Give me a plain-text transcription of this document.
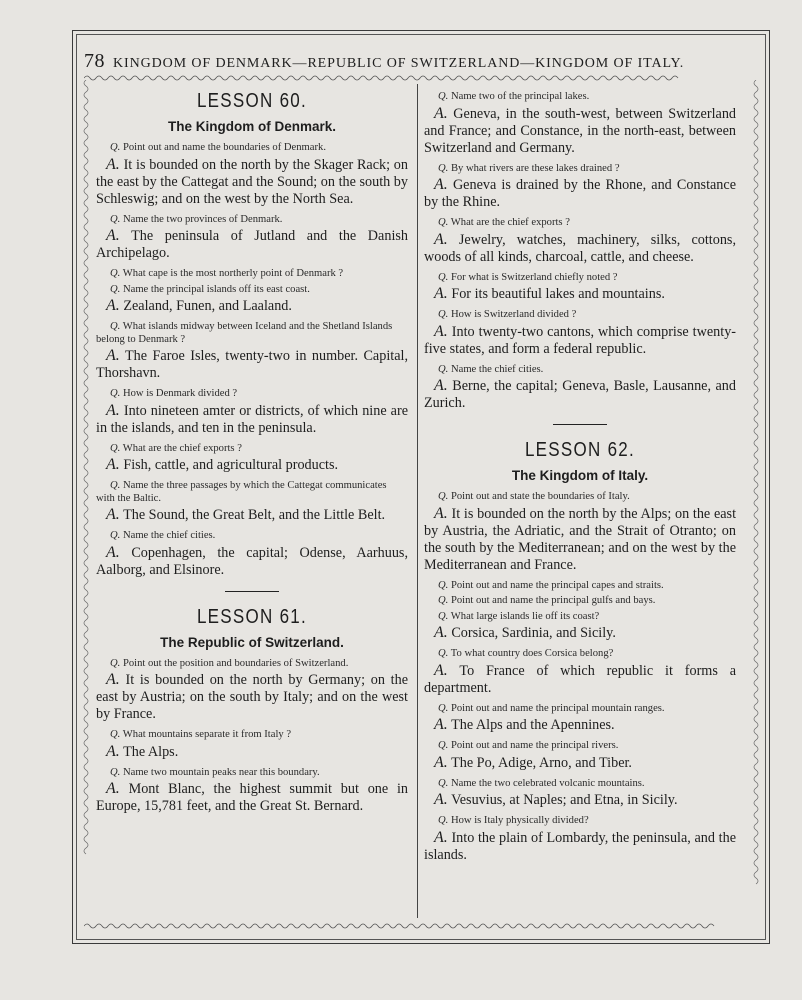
78 KINGDOM OF DENMARK—REPUBLIC OF SWITZERLAND—KINGDOM OF ITALY.
LESSON 60.
The Kingdom of Denmark.

Q. Point out and name the boundaries of Denmark.

A. It is bounded on the north by the Skager Rack; on the east by the Cattegat and the Sound; on the south by Schleswig; and on the west by the North Sea.

Q. Name the two provinces of Denmark.

A. The peninsula of Jutland and the Danish Archipelago.

Q. What cape is the most northerly point of Denmark ?

Q. Name the principal islands off its east coast.

A. Zealand, Funen, and Laaland.

Q. What islands midway between Iceland and the Shetland Islands belong to Denmark ?

A. The Faroe Isles, twenty-two in number. Capital, Thorshavn.

Q. How is Denmark divided ?

A. Into nineteen amter or districts, of which nine are in the islands, and ten in the peninsula.

Q. What are the chief exports ?

A. Fish, cattle, and agricultural products.

Q. Name the three passages by which the Cattegat communicates with the Baltic.

A. The Sound, the Great Belt, and the Little Belt.

Q. Name the chief cities.

A. Copenhagen, the capital; Odense, Aarhuus, Aalborg, and Elsinore.

LESSON 61.
The Republic of Switzerland.

Q. Point out the position and boundaries of Switzerland.

A. It is bounded on the north by Germany; on the east by Austria; on the south by Italy; and on the west by France.

Q. What mountains separate it from Italy ?

A. The Alps.

Q. Name two mountain peaks near this boundary.

A. Mont Blanc, the highest summit but one in Europe, 15,781 feet, and the Great St. Bernard.

Q. Name two of the principal lakes.

A. Geneva, in the south-west, between Switzerland and France; and Constance, in the north-east, between Switzerland and Germany.

Q. By what rivers are these lakes drained ?

A. Geneva is drained by the Rhone, and Constance by the Rhine.

Q. What are the chief exports ?

A. Jewelry, watches, machinery, silks, cottons, woods of all kinds, charcoal, cattle, and cheese.

Q. For what is Switzerland chiefly noted ?

A. For its beautiful lakes and mountains.

Q. How is Switzerland divided ?

A. Into twenty-two cantons, which comprise twenty-five states, and form a federal republic.

Q. Name the chief cities.

A. Berne, the capital; Geneva, Basle, Lausanne, and Zurich.

LESSON 62.
The Kingdom of Italy.

Q. Point out and state the boundaries of Italy.

A. It is bounded on the north by the Alps; on the east by Austria, the Adriatic, and the Strait of Otranto; on the south by the Mediterranean; and on the west by the Mediterranean and France.

Q. Point out and name the principal capes and straits.

Q. Point out and name the principal gulfs and bays.

Q. What large islands lie off its coast?

A. Corsica, Sardinia, and Sicily.

Q. To what country does Corsica belong?

A. To France of which republic it forms a department.

Q. Point out and name the principal mountain ranges.

A. The Alps and the Apennines.

Q. Point out and name the principal rivers.

A. The Po, Adige, Arno, and Tiber.

Q. Name the two celebrated volcanic mountains.

A. Vesuvius, at Naples; and Etna, in Sicily.

Q. How is Italy physically divided?

A. Into the plain of Lombardy, the peninsula, and the islands.
